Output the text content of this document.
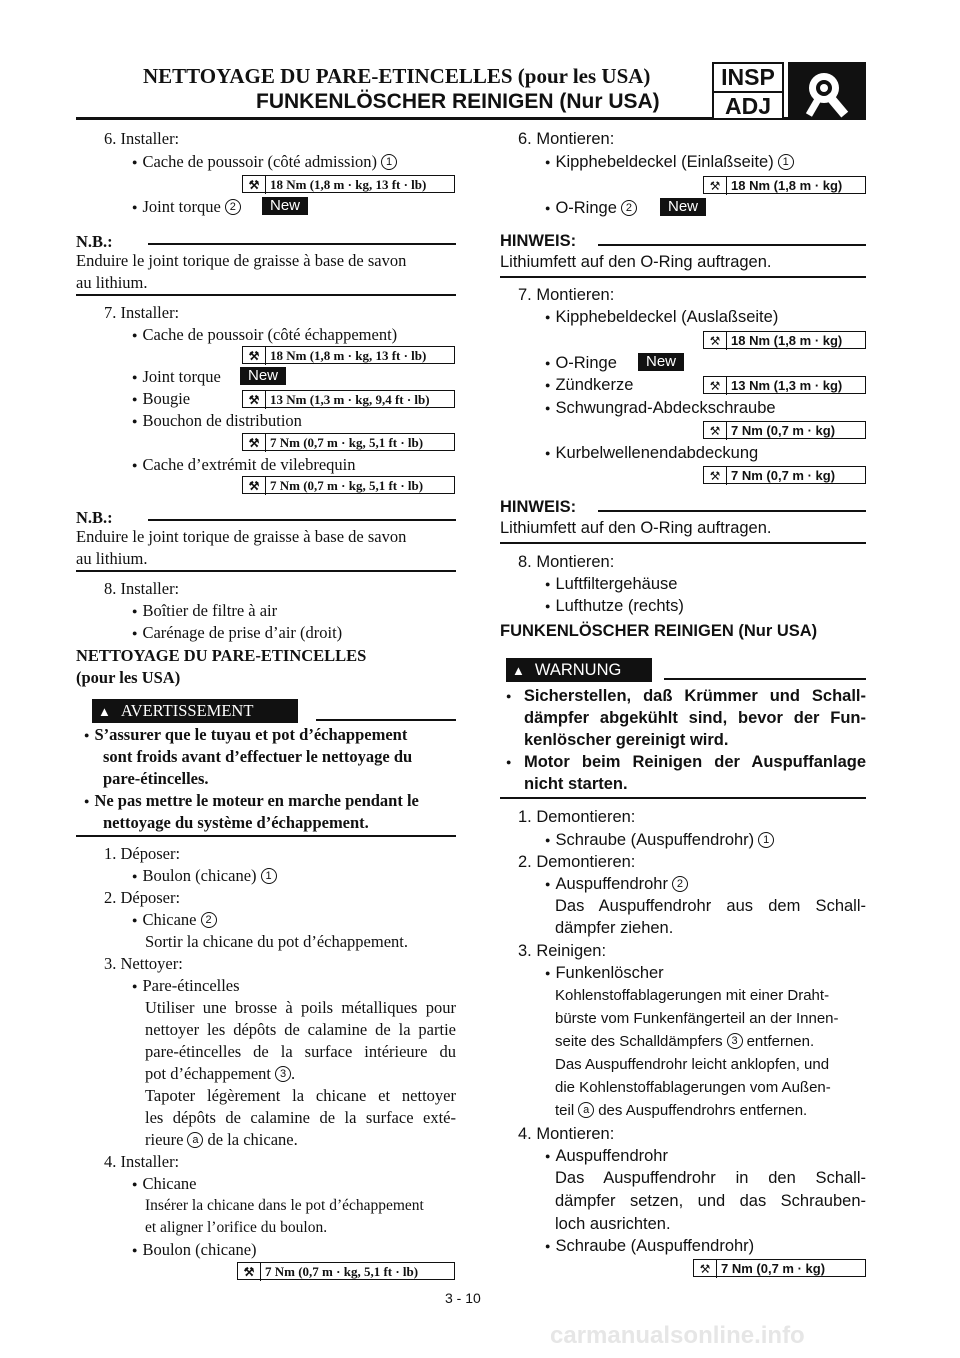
NETTOYAGE DU PARE-ETINCELLES (pour les USA)
FUNKENLÖSCHER REINIGEN (Nur USA)
INSP
ADJ
6. Installer:
● Cache de poussoir (côté admission) 1
⚒ 18 Nm (1,8 m · kg, 13 ft · lb)
● Joint torque 2	New
N.B.:
Enduire le joint torique de graisse à base de savon
au lithium.
7. Installer:
● Cache de poussoir (côté échappement)
⚒ 18 Nm (1,8 m · kg, 13 ft · lb)
● Joint torque	New
● Bougie	⚒ 13 Nm (1,3 m · kg, 9,4 ft · lb)
● Bouchon de distribution
⚒ 7 Nm (0,7 m · kg, 5,1 ft · lb)
● Cache d’extrémit de vilebrequin
⚒ 7 Nm (0,7 m · kg, 5,1 ft · lb)
N.B.:
Enduire le joint torique de graisse à base de savon
au lithium.
8. Installer:
● Boîtier de filtre à air
● Carénage de prise d’air (droit)
NETTOYAGE DU PARE-ETINCELLES
(pour les USA)
▲ AVERTISSEMENT
● S’assurer que le tuyau et pot d’échappement
sont froids avant d’effectuer le nettoyage du
pare-étincelles.
● Ne pas mettre le moteur en marche pendant le
nettoyage du système d’échappement.
1. Déposer:
● Boulon (chicane) 1
2. Déposer:
● Chicane 2
Sortir la chicane du pot d’échappement.
3. Nettoyer:
● Pare-étincelles
Utiliser une brosse à poils métalliques pour
nettoyer les dépôts de calamine de la partie
pare-étincelles de la surface intérieure du
pot d’échappement 3 .
Tapoter légèrement la chicane et nettoyer
les dépôts de calamine de la surface exté-
rieure a de la chicane.
4. Installer:
● Chicane
Insérer la chicane dans le pot d’échappement
et aligner l’orifice du boulon.
● Boulon (chicane)
⚒ 7 Nm (0,7 m · kg, 5,1 ft · lb)
6. Montieren:
● Kipphebeldeckel (Einlaßseite) 1
⚒ 18 Nm (1,8 m · kg)
● O-Ringe 2	New
HINWEIS:
Lithiumfett auf den O-Ring auftragen.
7. Montieren:
● Kipphebeldeckel (Auslaßseite)
⚒ 18 Nm (1,8 m · kg)
● O-Ringe	New
● Zündkerze	⚒ 13 Nm (1,3 m · kg)
● Schwungrad-Abdeckschraube
⚒ 7 Nm (0,7 m · kg)
● Kurbelwellenendabdeckung
⚒ 7 Nm (0,7 m · kg)
HINWEIS:
Lithiumfett auf den O-Ring auftragen.
8. Montieren:
● Luftfiltergehäuse
● Lufthutze (rechts)
FUNKENLÖSCHER REINIGEN (Nur USA)
▲ WARNUNG
● Sicherstellen, daß Krümmer und Schall-
dämpfer abgekühlt sind, bevor der Fun-
kenlöscher gereinigt wird.
● Motor beim Reinigen der Auspuffanlage
nicht starten.
1. Demontieren:
● Schraube (Auspuffendrohr) 1
2. Demontieren:
● Auspuffendrohr 2
Das Auspuffendrohr aus dem Schall-
dämpfer ziehen.
3. Reinigen:
● Funkenlöscher
Kohlenstoffablagerungen mit einer Draht-
bürste vom Funkenfängerteil an der Innen-
seite des Schalldämpfers 3 entfernen.
Das Auspuffendrohr leicht anklopfen, und
die Kohlenstoffablagerungen vom Außen-
teil a des Auspuffendrohrs entfernen.
4. Montieren:
● Auspuffendrohr
Das Auspuffendrohr in den Schall-
dämpfer setzen, und das Schrauben-
loch ausrichten.
● Schraube (Auspuffendrohr)
⚒ 7 Nm (0,7 m · kg)
3 - 10
carmanualsonline.info
